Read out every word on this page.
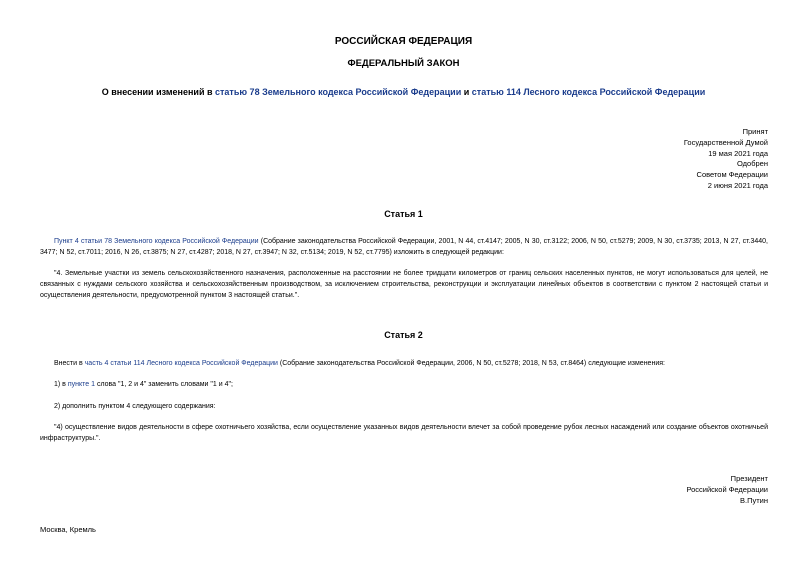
РОССИЙСКАЯ ФЕДЕРАЦИЯ
ФЕДЕРАЛЬНЫЙ ЗАКОН
О внесении изменений в статью 78 Земельного кодекса Российской Федерации и статью 114 Лесного кодекса Российской Федерации
Принят
Государственной Думой
19 мая 2021 года
Одобрен
Советом Федерации
2 июня 2021 года
Статья 1
Пункт 4 статьи 78 Земельного кодекса Российской Федерации (Собрание законодательства Российской Федерации, 2001, N 44, ст.4147; 2005, N 30, ст.3122; 2006, N 50, ст.5279; 2009, N 30, ст.3735; 2013, N 27, ст.3440, 3477; N 52, ст.7011; 2016, N 26, ст.3875; N 27, ст.4287; 2018, N 27, ст.3947; N 32, ст.5134; 2019, N 52, ст.7795) изложить в следующей редакции:
"4. Земельные участки из земель сельскохозяйственного назначения, расположенные на расстоянии не более тридцати километров от границ сельских населенных пунктов, не могут использоваться для целей, не связанных с нуждами сельского хозяйства и сельскохозяйственным производством, за исключением строительства, реконструкции и эксплуатации линейных объектов в соответствии с пунктом 2 настоящей статьи и осуществления деятельности, предусмотренной пунктом 3 настоящей статьи.".
Статья 2
Внести в часть 4 статьи 114 Лесного кодекса Российской Федерации (Собрание законодательства Российской Федерации, 2006, N 50, ст.5278; 2018, N 53, ст.8464) следующие изменения:
1) в пункте 1 слова "1, 2 и 4" заменить словами "1 и 4";
2) дополнить пунктом 4 следующего содержания:
"4) осуществление видов деятельности в сфере охотничьего хозяйства, если осуществление указанных видов деятельности влечет за собой проведение рубок лесных насаждений или создание объектов охотничьей инфраструктуры.".
Президент
Российской Федерации
В.Путин
Москва, Кремль
